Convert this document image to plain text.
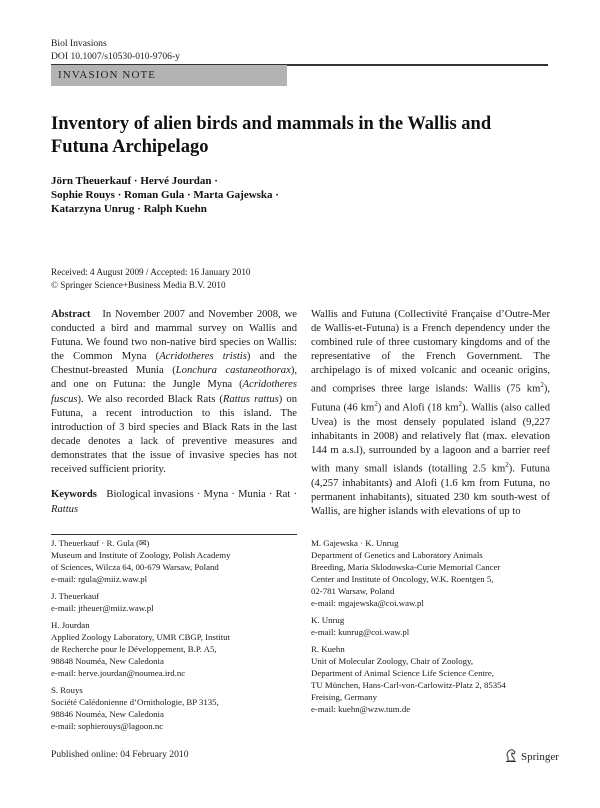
Biol Invasions
DOI 10.1007/s10530-010-9706-y
INVASION NOTE
Inventory of alien birds and mammals in the Wallis and Futuna Archipelago
Jörn Theuerkauf · Hervé Jourdan ·
Sophie Rouys · Roman Gula · Marta Gajewska ·
Katarzyna Unrug · Ralph Kuehn
Received: 4 August 2009 / Accepted: 16 January 2010
© Springer Science+Business Media B.V. 2010
Abstract In November 2007 and November 2008, we conducted a bird and mammal survey on Wallis and Futuna. We found two non-native bird species on Wallis: the Common Myna (Acridotheres tristis) and the Chestnut-breasted Munia (Lonchura castaneothorax), and one on Futuna: the Jungle Myna (Acridotheres fuscus). We also recorded Black Rats (Rattus rattus) on Futuna, a recent introduction to this island. The introduction of 3 bird species and Black Rats in the last decade denotes a lack of preventive measures and demonstrates that the issue of invasive species has not received sufficient priority.
Keywords Biological invasions · Myna · Munia · Rat · Rattus
Wallis and Futuna (Collectivité Française d’Outre-Mer de Wallis-et-Futuna) is a French dependency under the combined rule of three customary kingdoms and of the representative of the French Government. The archipelago is of mixed volcanic and oceanic origins, and comprises three large islands: Wallis (75 $km^2$), Futuna (46 $km^2$) and Alofi (18 $km^2$). Wallis (also called Uvea) is the most densely populated island (9,227 inhabitants in 2008) and relatively flat (max. elevation 144 m a.s.l), surrounded by a lagoon and a barrier reef with many small islands (totalling 2.5 $km^2$). Futuna (4,257 inhabitants) and Alofi (1.6 km from Futuna, no permanent inhabitants), situated 230 km south-west of Wallis, are higher islands with elevations of up to
J. Theuerkauf · R. Gula (✉)
Museum and Institute of Zoology, Polish Academy
of Sciences, Wilcza 64, 00-679 Warsaw, Poland
e-mail: rgula@miiz.waw.pl
J. Theuerkauf
e-mail: jtheuer@miiz.waw.pl
H. Jourdan
Applied Zoology Laboratory, UMR CBGP, Institut
de Recherche pour le Développement, B.P. A5,
98848 Nouméa, New Caledonia
e-mail: herve.jourdan@noumea.ird.nc
S. Rouys
Société Calédonienne d’Ornithologie, BP 3135,
98846 Nouméa, New Caledonia
e-mail: sophierouys@lagoon.nc
M. Gajewska · K. Unrug
Department of Genetics and Laboratory Animals
Breeding, Maria Sklodowska-Curie Memorial Cancer
Center and Institute of Oncology, W.K. Roentgen 5,
02-781 Warsaw, Poland
e-mail: mgajewska@coi.waw.pl
K. Unrug
e-mail: kunrug@coi.waw.pl
R. Kuehn
Unit of Molecular Zoology, Chair of Zoology,
Department of Animal Science Life Science Centre,
TU München, Hans-Carl-von-Carlowitz-Platz 2, 85354
Freising, Germany
e-mail: kuehn@wzw.tum.de
Published online: 04 February 2010	Springer
